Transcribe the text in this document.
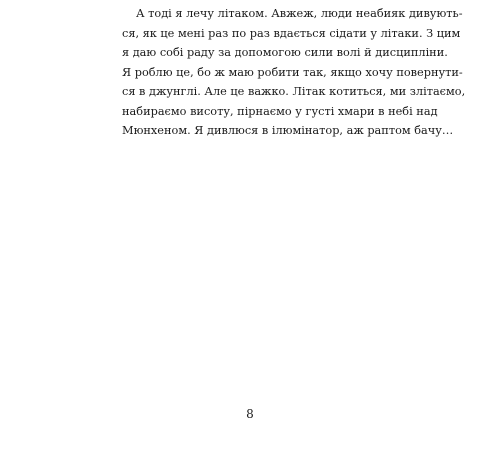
А тоді я лечу літаком. Авжеж, люди неабияк дивують-
ся, як це мені раз по раз вдається сідати у літаки. З цим
я даю собі раду за допомогою сили волі й дисципліни.
Я роблю це, бо ж маю робити так, якщо хочу повернути-
ся в джунглі. Але це важко. Літак котиться, ми злітаємо,
набираємо висоту, пірнаємо у густі хмари в небі над
Мюнхеном. Я дивлюся в ілюмінатор, аж раптом бачу…
8
